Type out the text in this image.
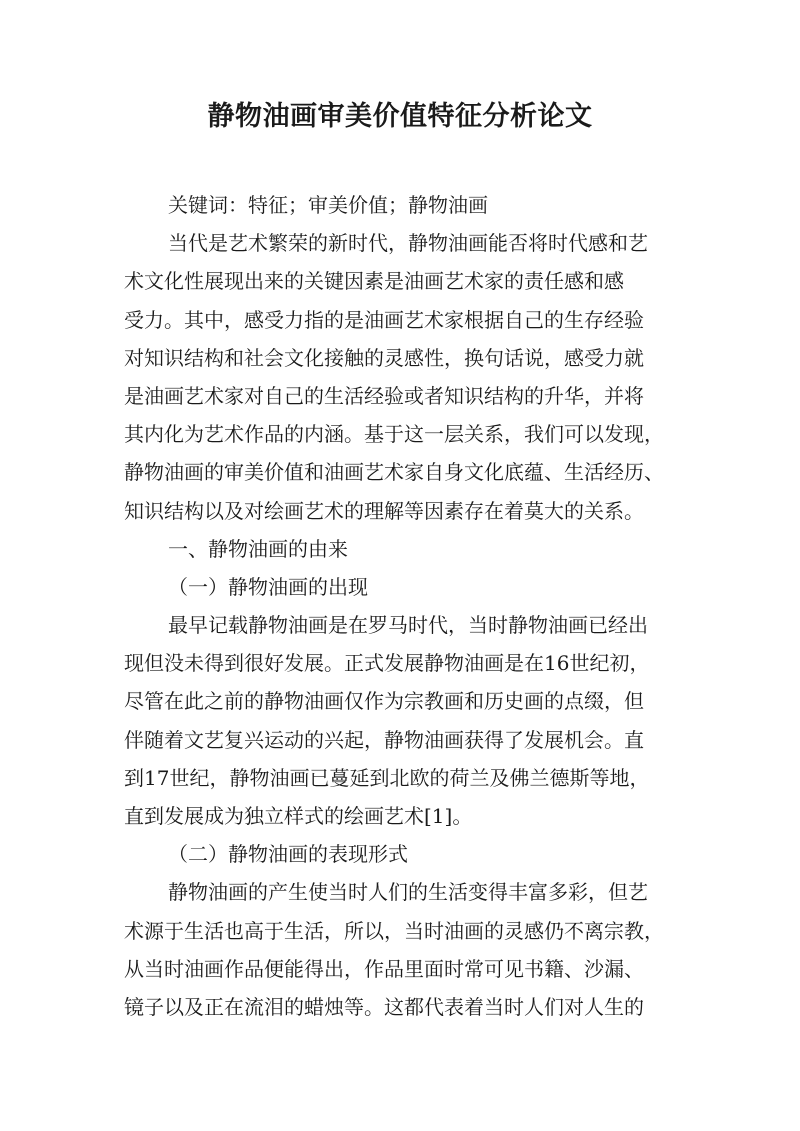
静物油画审美价值特征分析论文
关键词：特征；审美价值；静物油画
当代是艺术繁荣的新时代，静物油画能否将时代感和艺
术文化性展现出来的关键因素是油画艺术家的责任感和感
受力。其中，感受力指的是油画艺术家根据自己的生存经验
对知识结构和社会文化接触的灵感性，换句话说，感受力就
是油画艺术家对自己的生活经验或者知识结构的升华，并将
其内化为艺术作品的内涵。基于这一层关系，我们可以发现，
静物油画的审美价值和油画艺术家自身文化底蕴、生活经历、
知识结构以及对绘画艺术的理解等因素存在着莫大的关系。
一、静物油画的由来
（一）静物油画的出现
最早记载静物油画是在罗马时代，当时静物油画已经出
现但没未得到很好发展。正式发展静物油画是在16世纪初，
尽管在此之前的静物油画仅作为宗教画和历史画的点缀，但
伴随着文艺复兴运动的兴起，静物油画获得了发展机会。直
到17世纪，静物油画已蔓延到北欧的荷兰及佛兰德斯等地，
直到发展成为独立样式的绘画艺术[1]。
（二）静物油画的表现形式
静物油画的产生使当时人们的生活变得丰富多彩，但艺
术源于生活也高于生活，所以，当时油画的灵感仍不离宗教，
从当时油画作品便能得出，作品里面时常可见书籍、沙漏、
镜子以及正在流泪的蜡烛等。这都代表着当时人们对人生的
